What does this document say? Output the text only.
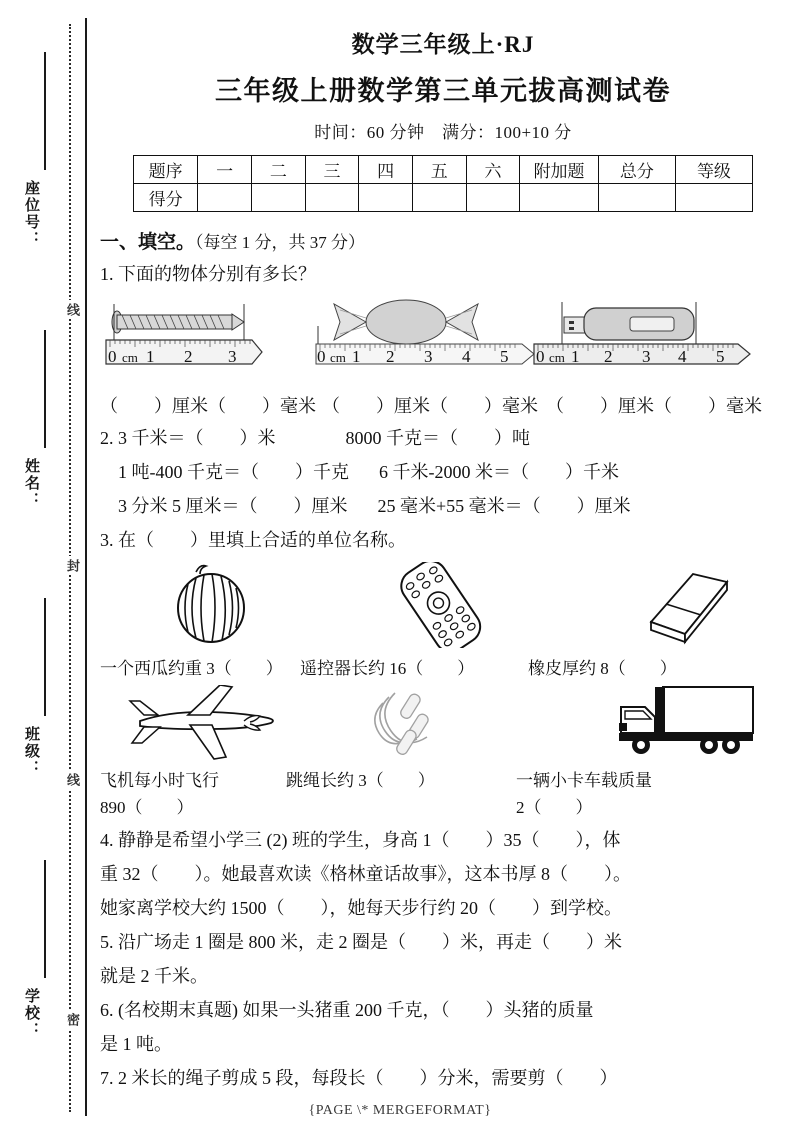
座位号：
姓名：
班级：
学校：
线
封
线
密
数学三年级上·RJ
三年级上册数学第三单元拔高测试卷
时间：60 分钟　满分：100+10 分
题序	一	二	三	四	五	六	附加题	总分	等级
得分									
一、填空。（每空 1 分，共 37 分）
1. 下面的物体分别有多长？
0 cm 1 2 3	0 cm 1 2 3 4 5 0 cm 1 2 3 4 5
（　　）厘米（　　）毫米 （　　）厘米（　　）毫米 （　　）厘米（　　）毫米
2. 3 千米＝（　　）米	8000 千克＝（　　）吨
1 吨-400 千克＝（　　）千克 6 千米-2000 米＝（　　）千米
3 分米 5 厘米＝（　　）厘米 25 毫米+55 毫米＝（　　）厘米
3. 在（　　）里填上合适的单位名称。
一个西瓜约重 3（　　） 遥控器长约 16（　　）	橡皮厚约 8（　　）
飞机每小时飞行	跳绳长约 3（　　）	一辆小卡车载质量
890（　　）	2（　　）
4. 静静是希望小学三 (2) 班的学生，身高 1（　　）35（　　），体
重 32（　　）。她最喜欢读《格林童话故事》，这本书厚 8（　　）。
她家离学校大约 1500（　　），她每天步行约 20（　　）到学校。
5. 沿广场走 1 圈是 800 米，走 2 圈是（　　）米，再走（　　）米
就是 2 千米。
6. (名校期末真题) 如果一头猪重 200 千克，（　　）头猪的质量
是 1 吨。
7. 2 米长的绳子剪成 5 段，每段长（　　）分米，需要剪（　　）
{PAGE \* MERGEFORMAT}
